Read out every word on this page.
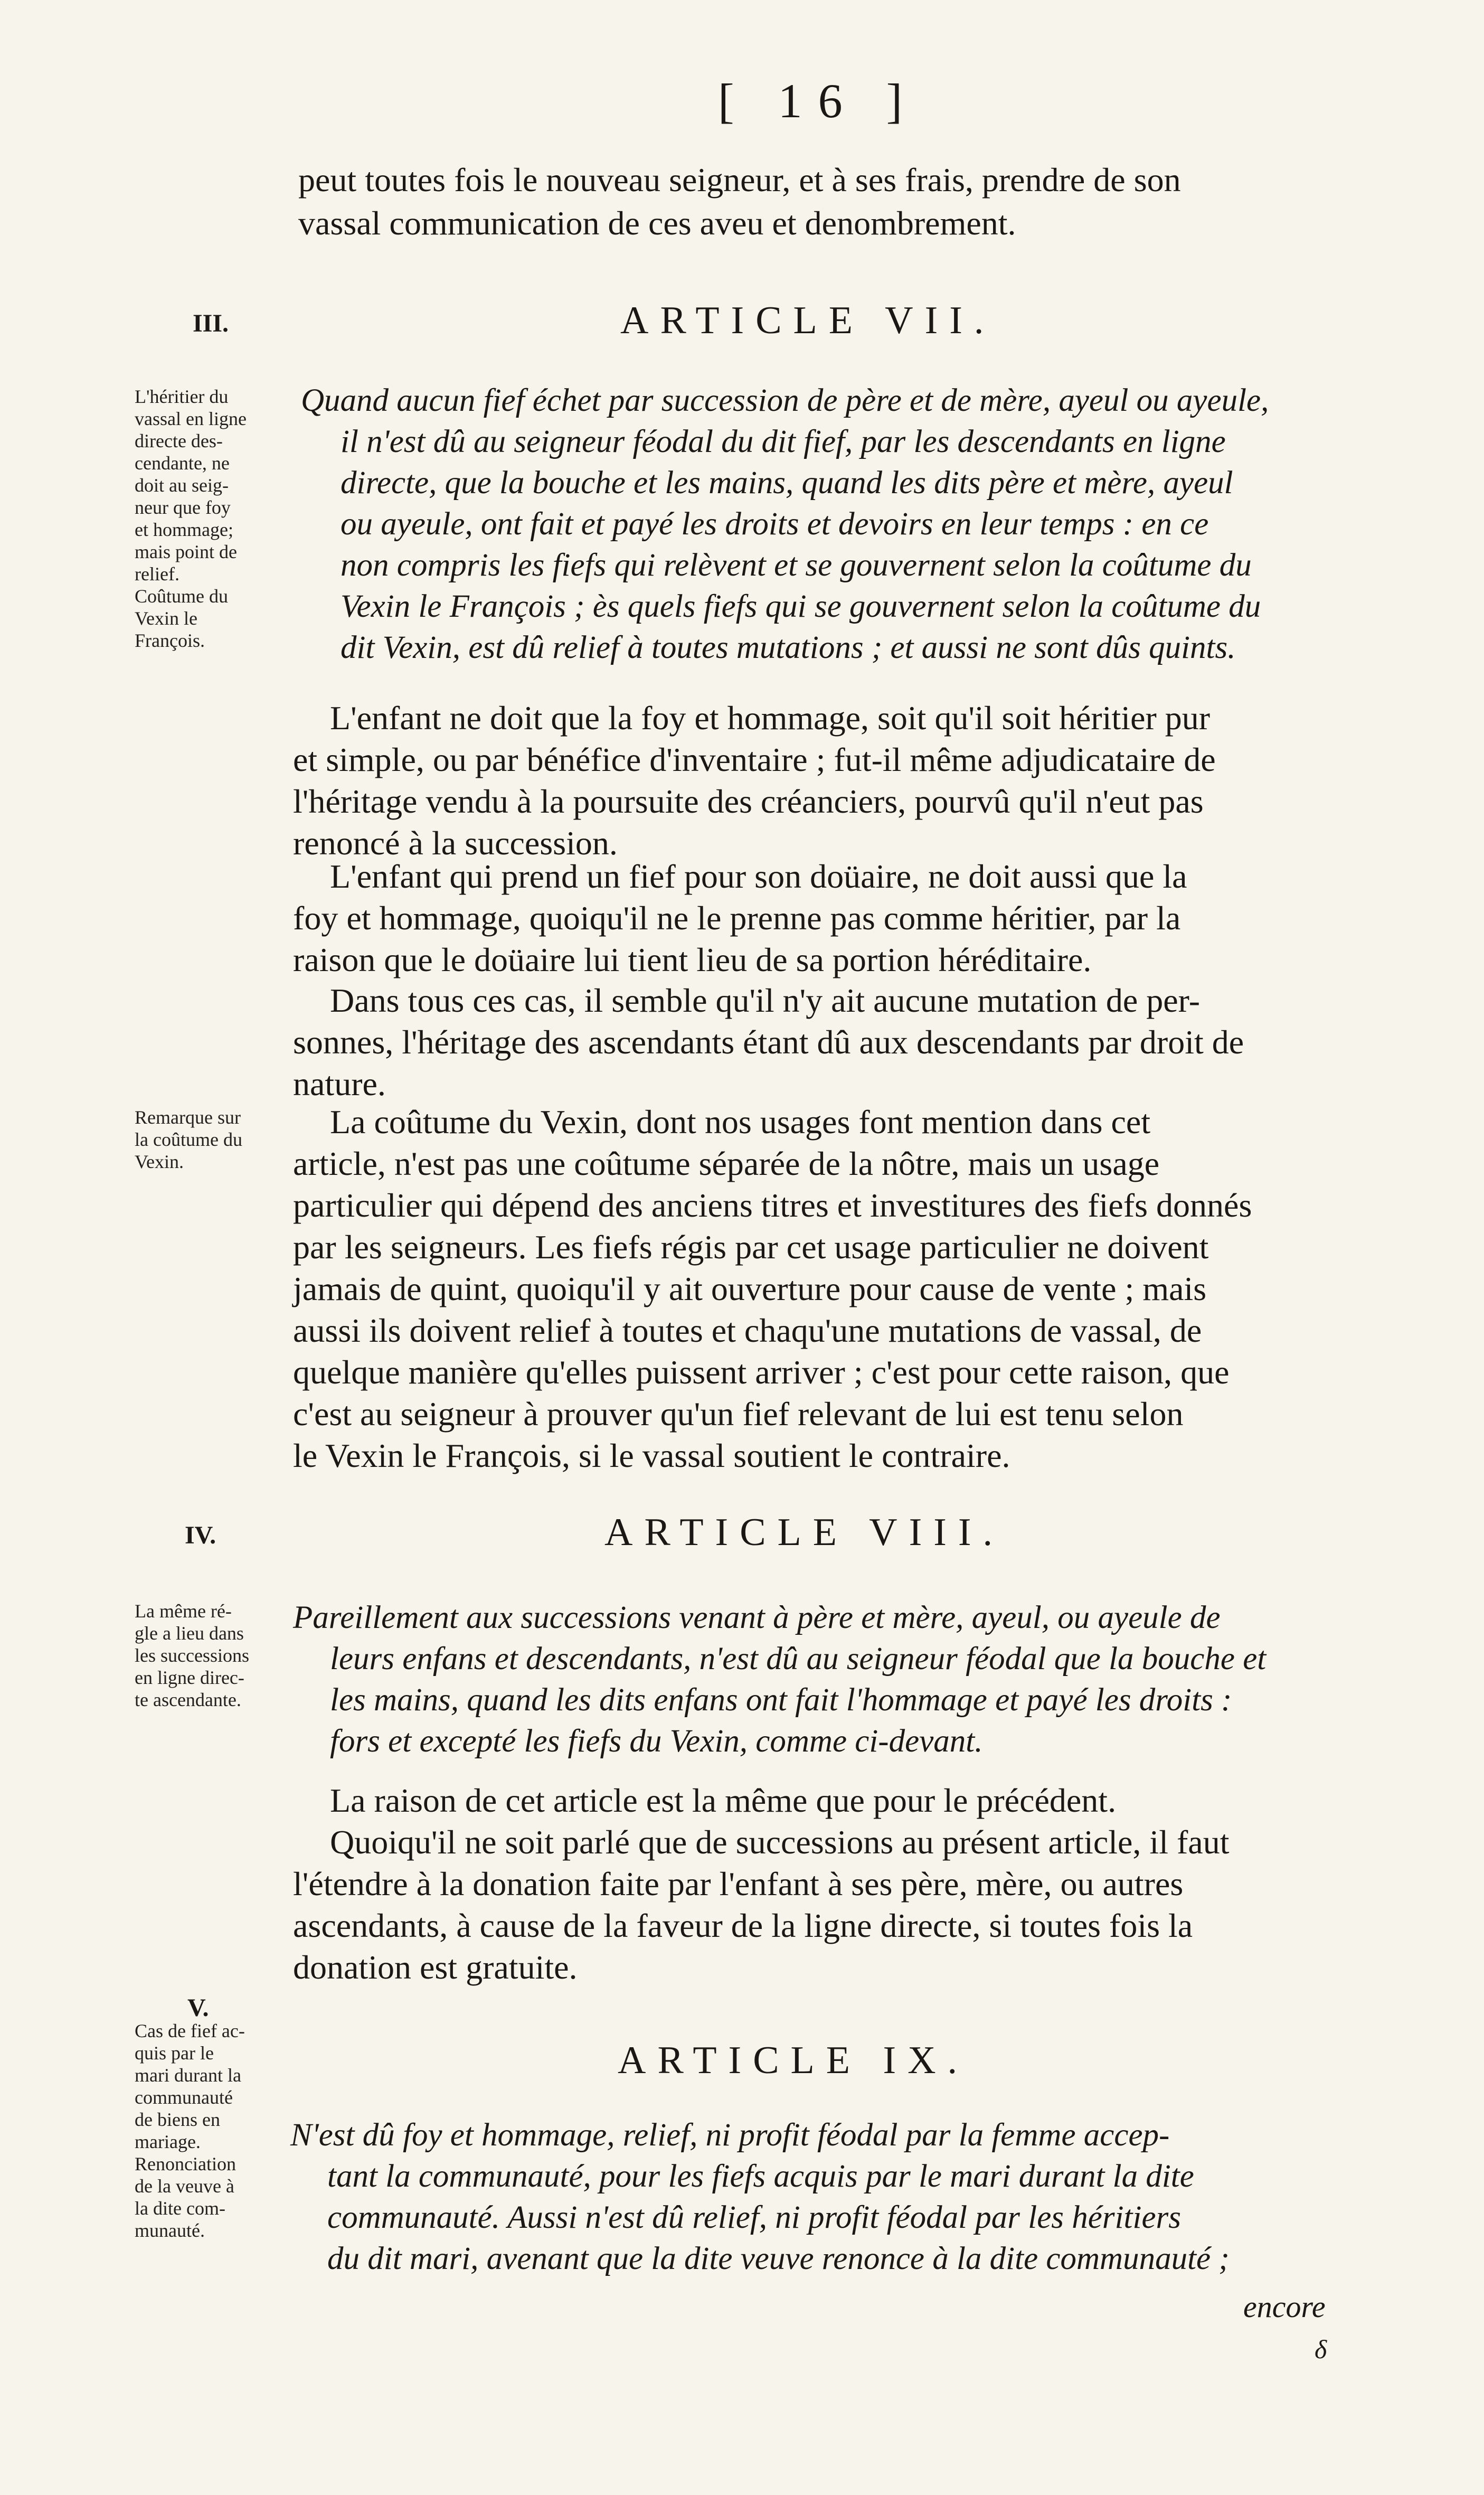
[ 16 ]
peut toutes fois le nouveau seigneur, et à ses frais, prendre de son
vassal communication de ces aveu et denombrement.
III.	ARTICLE VII.
L'héritier du
vassal en ligne
directe des-
cendante, ne
doit au seig-
neur que foy
et hommage;
mais point de
relief.
Coûtume du
Vexin le
François.
Quand aucun fief échet par succession de père et de mère, ayeul ou ayeule,
il n'est dû au seigneur féodal du dit fief, par les descendants en ligne
directe, que la bouche et les mains, quand les dits père et mère, ayeul
ou ayeule, ont fait et payé les droits et devoirs en leur temps : en ce
non compris les fiefs qui relèvent et se gouvernent selon la coûtume du
Vexin le François ; ès quels fiefs qui se gouvernent selon la coûtume du
dit Vexin, est dû relief à toutes mutations ; et aussi ne sont dûs quints.
L'enfant ne doit que la foy et hommage, soit qu'il soit héritier pur
et simple, ou par bénéfice d'inventaire ; fut-il même adjudicataire de
l'héritage vendu à la poursuite des créanciers, pourvû qu'il n'eut pas
renoncé à la succession.
L'enfant qui prend un fief pour son doüaire, ne doit aussi que la
foy et hommage, quoiqu'il ne le prenne pas comme héritier, par la
raison que le doüaire lui tient lieu de sa portion héréditaire.
Dans tous ces cas, il semble qu'il n'y ait aucune mutation de per-
sonnes, l'héritage des ascendants étant dû aux descendants par droit de
nature.
Remarque sur
la coûtume du
Vexin.
La coûtume du Vexin, dont nos usages font mention dans cet
article, n'est pas une coûtume séparée de la nôtre, mais un usage
particulier qui dépend des anciens titres et investitures des fiefs donnés
par les seigneurs. Les fiefs régis par cet usage particulier ne doivent
jamais de quint, quoiqu'il y ait ouverture pour cause de vente ; mais
aussi ils doivent relief à toutes et chaqu'une mutations de vassal, de
quelque manière qu'elles puissent arriver ; c'est pour cette raison, que
c'est au seigneur à prouver qu'un fief relevant de lui est tenu selon
le Vexin le François, si le vassal soutient le contraire.
IV.	ARTICLE VIII.
La même ré-
gle a lieu dans
les successions
en ligne direc-
te ascendante.
Pareillement aux successions venant à père et mère, ayeul, ou ayeule de
leurs enfans et descendants, n'est dû au seigneur féodal que la bouche et
les mains, quand les dits enfans ont fait l'hommage et payé les droits :
fors et excepté les fiefs du Vexin, comme ci-devant.
La raison de cet article est la même que pour le précédent.
Quoiqu'il ne soit parlé que de successions au présent article, il faut
l'étendre à la donation faite par l'enfant à ses père, mère, ou autres
ascendants, à cause de la faveur de la ligne directe, si toutes fois la
donation est gratuite.
V.
ARTICLE IX.
Cas de fief ac-
quis par le
mari durant la
communauté
de biens en
mariage.
Renonciation
de la veuve à
la dite com-
munauté.
N'est dû foy et hommage, relief, ni profit féodal par la femme accep-
tant la communauté, pour les fiefs acquis par le mari durant la dite
communauté. Aussi n'est dû relief, ni profit féodal par les héritiers
du dit mari, avenant que la dite veuve renonce à la dite communauté ;
encore
δ
